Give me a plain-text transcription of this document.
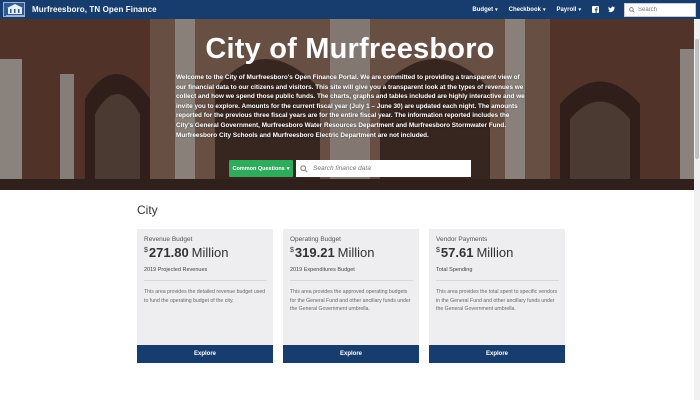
Murfreesboro, TN Open Finance	Budget ▾ Checkbook ▾ Payroll ▾
Search
City of Murfreesboro
Welcome to the City of Murfreesboro's Open Finance Portal. We are committed to providing a transparent view of our financial data to our citizens and visitors. This site will give you a transparent look at the types of revenues we collect and how we spend those public funds. The charts, graphs and tables included are highly interactive and we invite you to explore. Amounts for the current fiscal year (July 1 – June 30) are updated each night. The amounts reported for the previous three fiscal years are for the entire fiscal year. The information reported includes the City's General Government, Murfreesboro Water Resources Department and Murfreesboro Stormwater Fund. Murfreesboro City Schools and Murfreesboro Electric Department are not included.
Common Questions ▾
Search finance data
City
Revenue Budget
$ 271.80 Million
2019 Projected Revenues
This area provides the detailed revenue budget used to fund the operating budget of the city.
Explore
Operating Budget
$ 319.21 Million
2019 Expenditures Budget
This area provides the approved operating budgets for the General Fund and other ancillary funds under the General Government umbrella.
Explore
Vendor Payments
$ 57.61 Million
Total Spending
This area provides the total spent to specific vendors in the General Fund and other ancillary funds under the General Government umbrella.
Explore
